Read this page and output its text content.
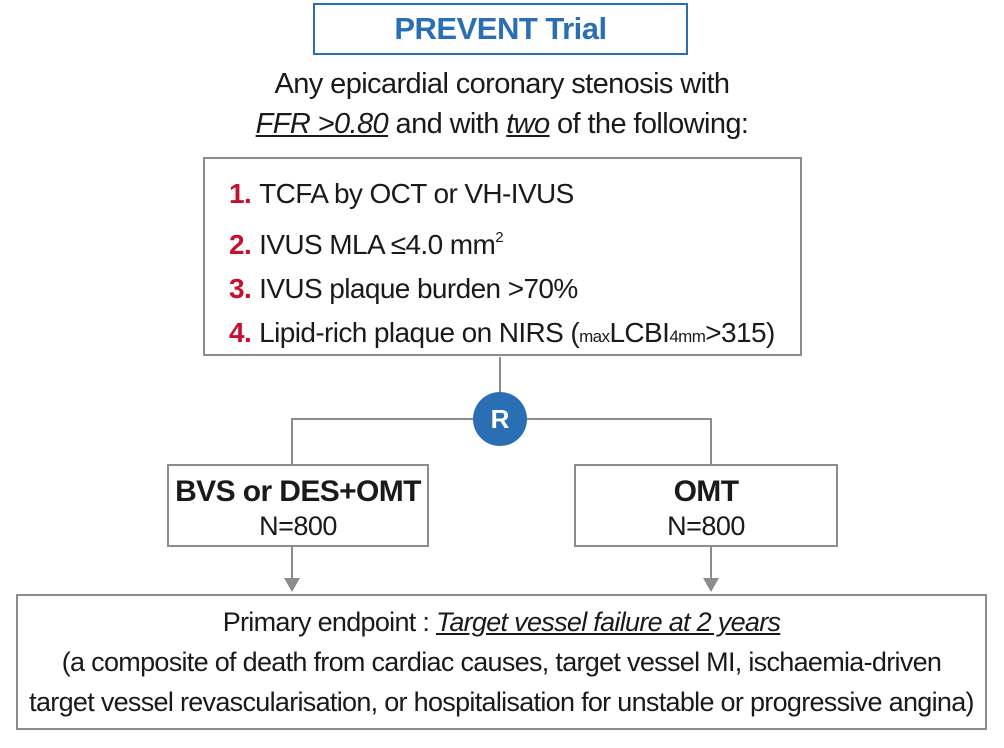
PREVENT Trial
Any epicardial coronary stenosis with
FFR >0.80 and with two of the following:
1. TCFA by OCT or VH-IVUS
2. IVUS MLA ≤4.0 $mm^2$
3. IVUS plaque burden >70%
4. Lipid-rich plaque on NIRS (maxLCBI4mm>315)
R
BVS or DES+OMT
N=800
OMT
N=800
Primary endpoint : Target vessel failure at 2 years
(a composite of death from cardiac causes, target vessel MI, ischaemia-driven
target vessel revascularisation, or hospitalisation for unstable or progressive angina)
